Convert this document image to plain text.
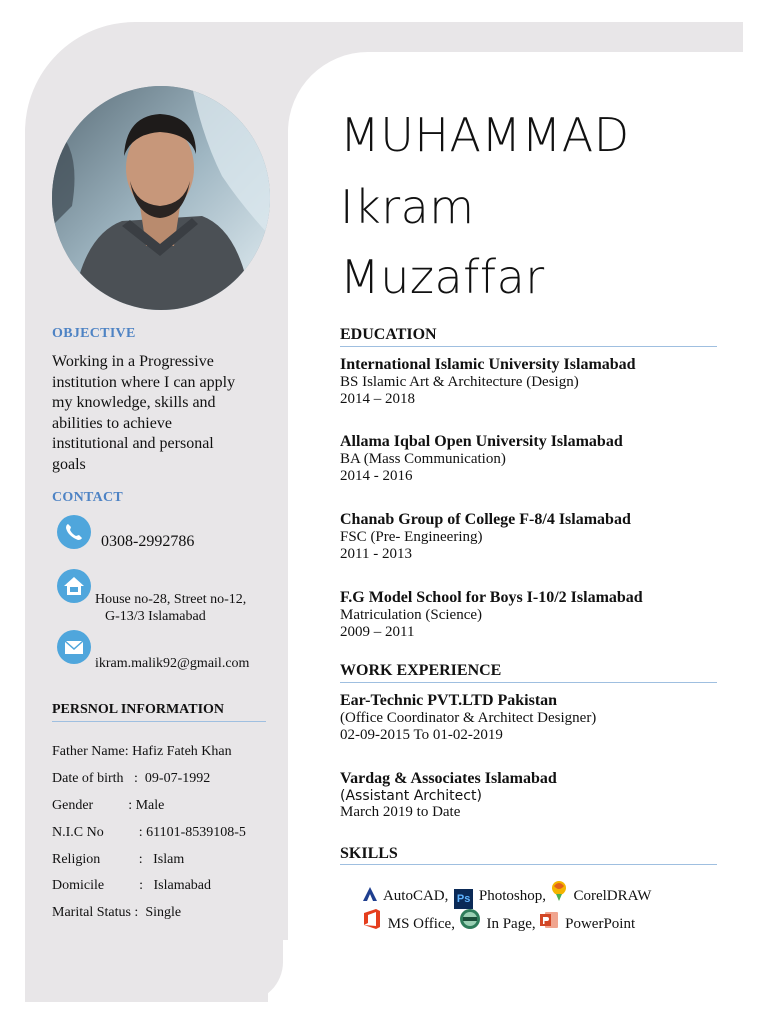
OBJECTIVE
Working in a Progressive
institution where I can apply
my knowledge, skills and
abilities to achieve
institutional and personal
goals
CONTACT
0308-2992786
House no-28, Street no-12,
G-13/3 Islamabad
ikram.malik92@gmail.com
PERSNOL INFORMATION
Father Name: Hafiz Fateh Khan
Date of birth   :  09-07-1992
Gender          : Male
N.I.C No          : 61101-8539108-5
Religion           :   Islam
Domicile          :   Islamabad
Marital Status :  Single
MUHAMMAD
Ikram
Muzaffar
EDUCATION
International Islamic University Islamabad
BS Islamic Art & Architecture (Design)
2014 – 2018
Allama Iqbal Open University Islamabad
BA (Mass Communication)
2014 - 2016
Chanab Group of College F-8/4 Islamabad
FSC (Pre- Engineering)
2011 - 2013
F.G Model School for Boys I-10/2 Islamabad
Matriculation (Science)
2009 – 2011
WORK EXPERIENCE
Ear-Technic PVT.LTD Pakistan
(Office Coordinator & Architect Designer)
02-09-2015 To 01-02-2019
Vardag & Associates Islamabad
(Assistant Architect)
March 2019 to Date
SKILLS
AutoCAD, Ps Photoshop, CorelDRAW
MS Office, In Page, PowerPoint
